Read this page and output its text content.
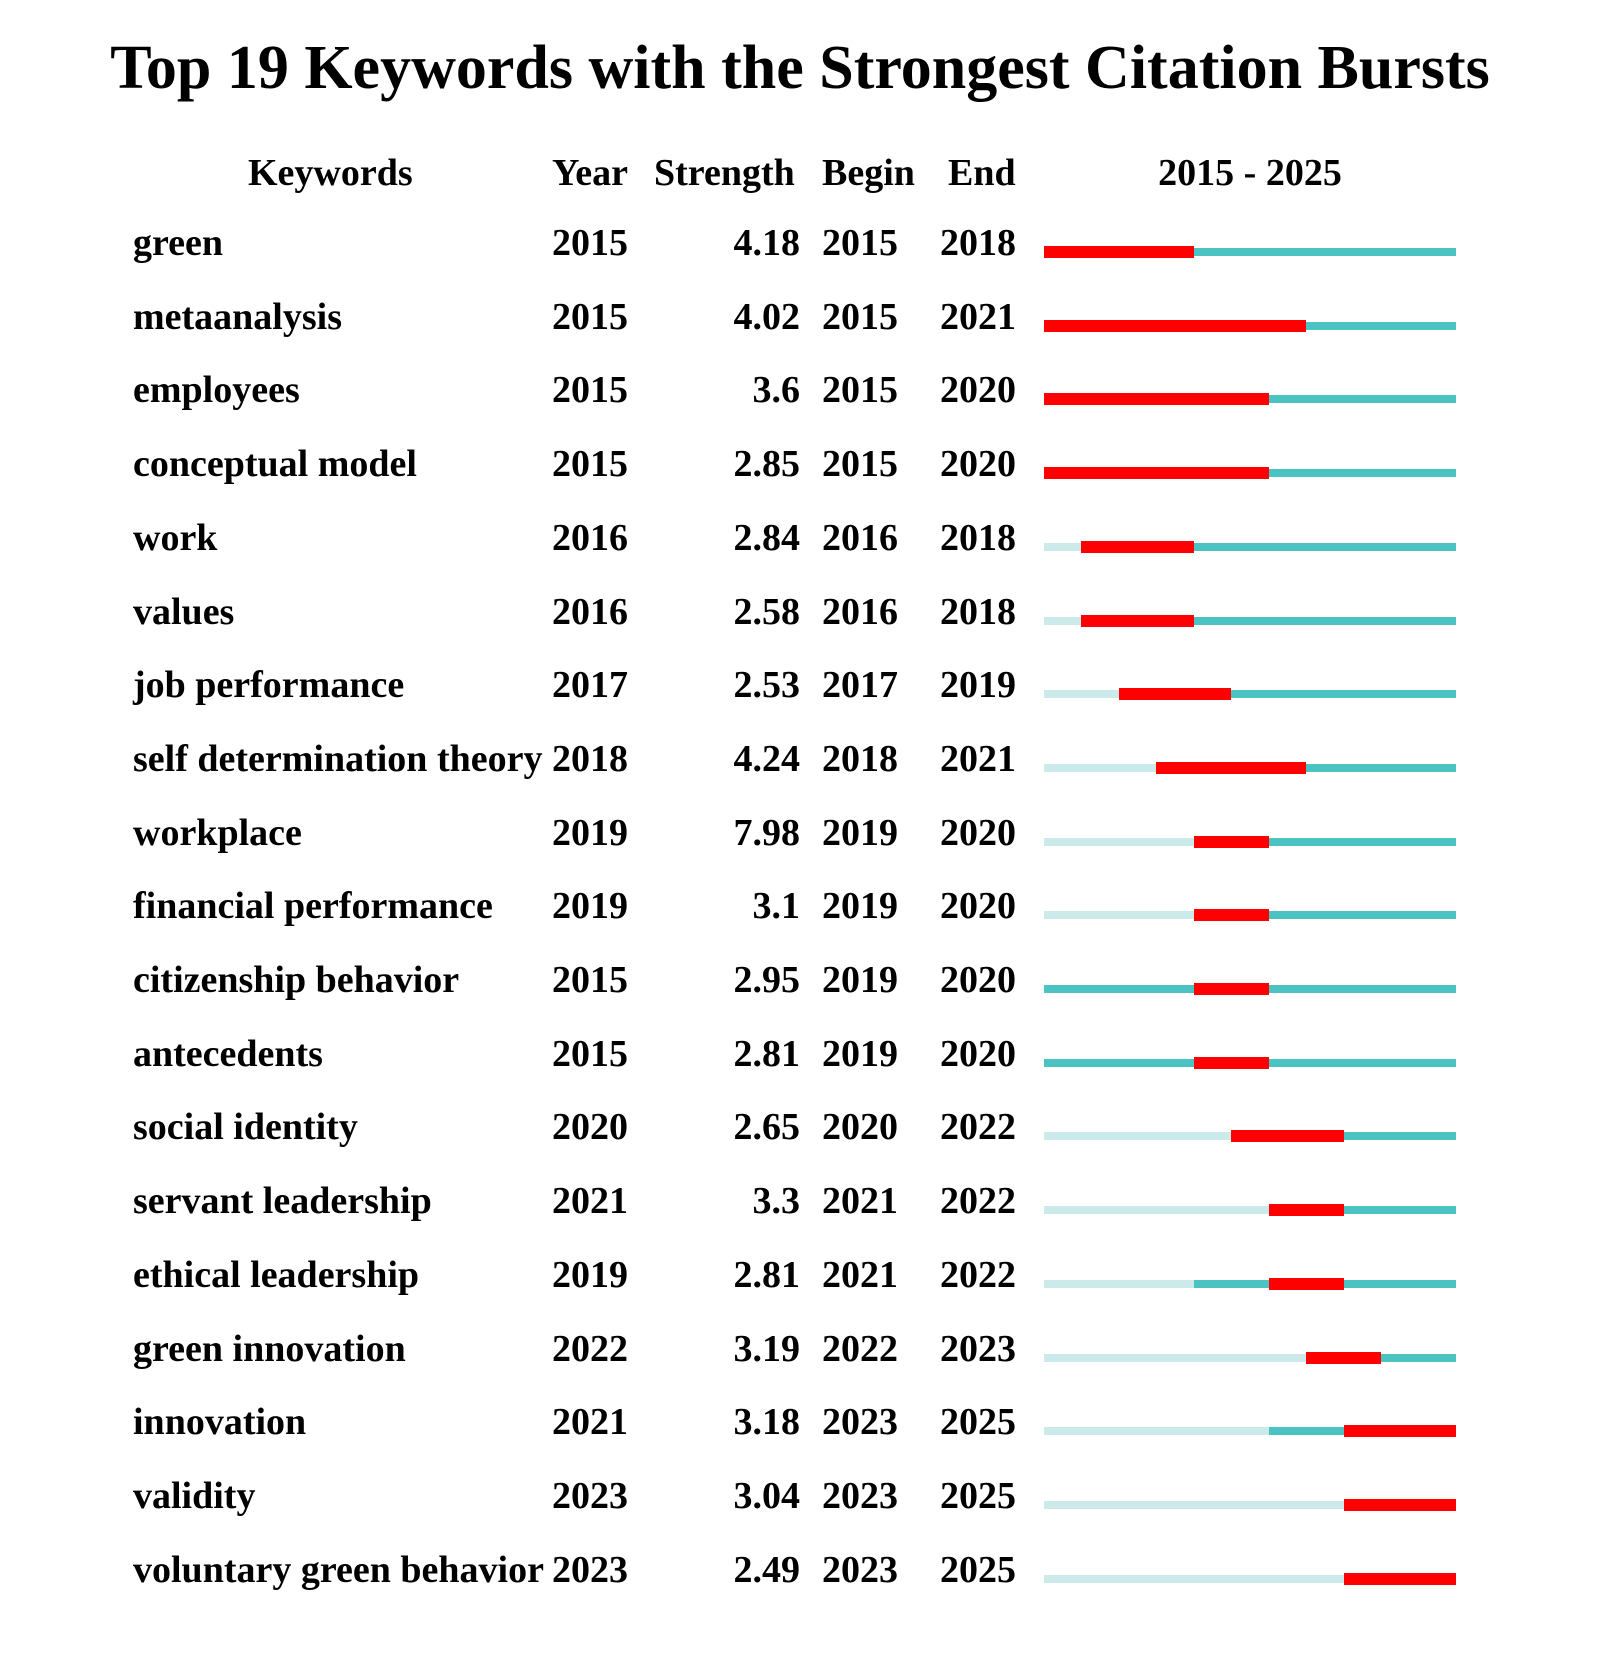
Top 19 Keywords with the Strongest Citation Bursts
Keywords	Year Strength Begin End	2015 - 2025
green	2015	4.18 2015 2018
metaanalysis	2015	4.02 2015 2021
employees	2015	3.6 2015 2020
conceptual model	2015	2.85 2015 2020
work	2016	2.84 2016 2018
values	2016	2.58 2016 2018
job performance	2017	2.53 2017 2019
self determination theory 2018	4.24 2018 2021
workplace	2019	7.98 2019 2020
financial performance 2019	3.1 2019 2020
citizenship behavior 2015	2.95 2019 2020
antecedents	2015	2.81 2019 2020
social identity	2020	2.65 2020 2022
servant leadership	2021	3.3 2021 2022
ethical leadership	2019	2.81 2021 2022
green innovation	2022	3.19 2022 2023
innovation	2021	3.18 2023 2025
validity	2023	3.04 2023 2025
voluntary green behavior 2023	2.49 2023 2025
